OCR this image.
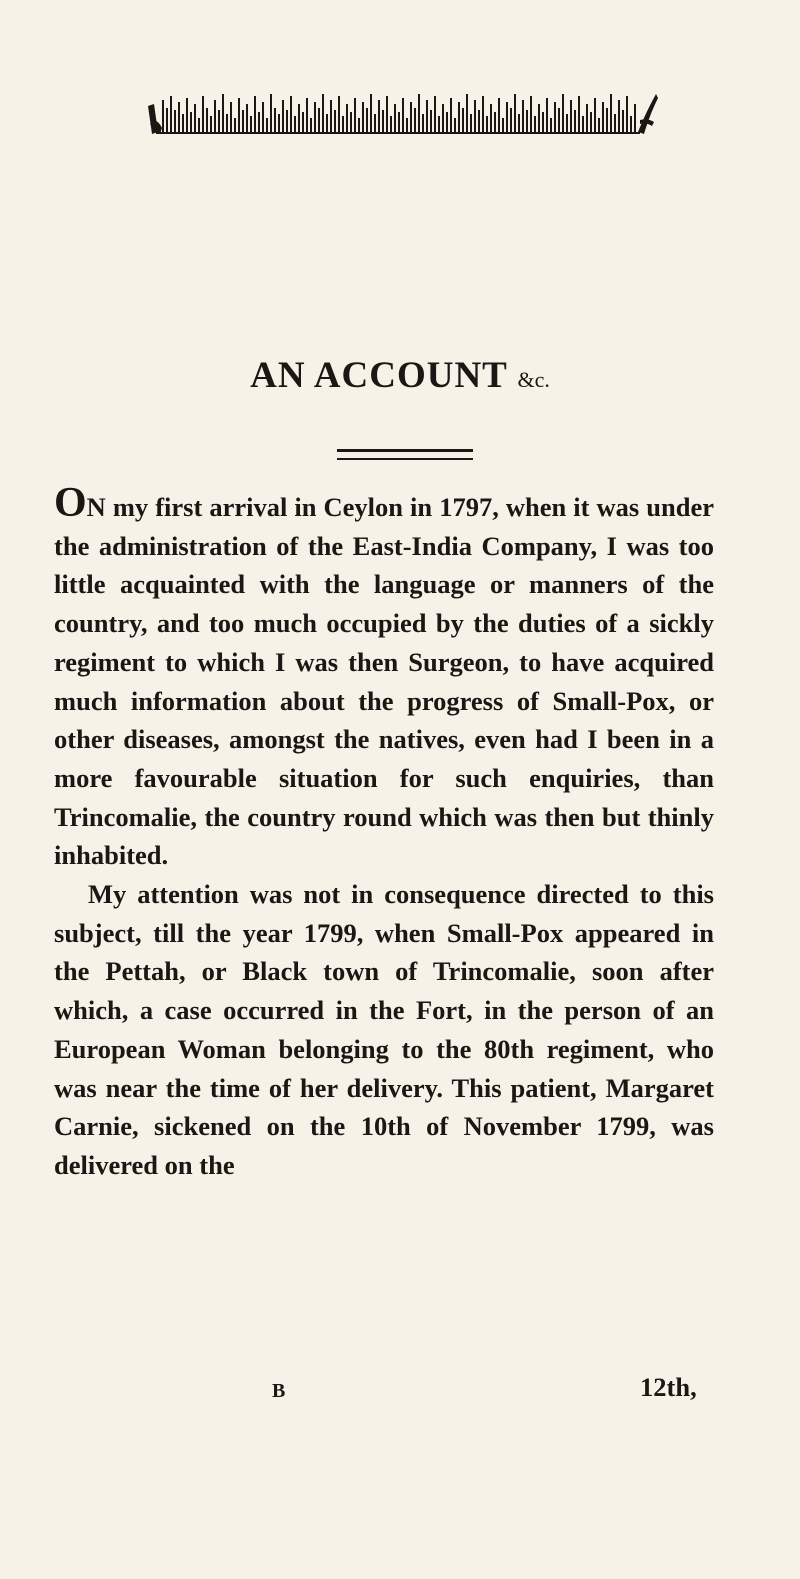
AN ACCOUNT &c.

ON my first arrival in Ceylon in 1797, when it was under the administration of the East-India Company, I was too little acquainted with the language or manners of the country, and too much occupied by the duties of a sickly regiment to which I was then Surgeon, to have acquired much information about the progress of Small-Pox, or other diseases, amongst the natives, even had I been in a more favourable situation for such enquiries, than Trincomalie, the country round which was then but thinly inhabited.

My attention was not in consequence directed to this subject, till the year 1799, when Small-Pox appeared in the Pettah, or Black town of Trincomalie, soon after which, a case occurred in the Fort, in the person of an European Woman belonging to the 80th regiment, who was near the time of her delivery. This patient, Margaret Carnie, sickened on the 10th of November 1799, was delivered on the

B	12th,
